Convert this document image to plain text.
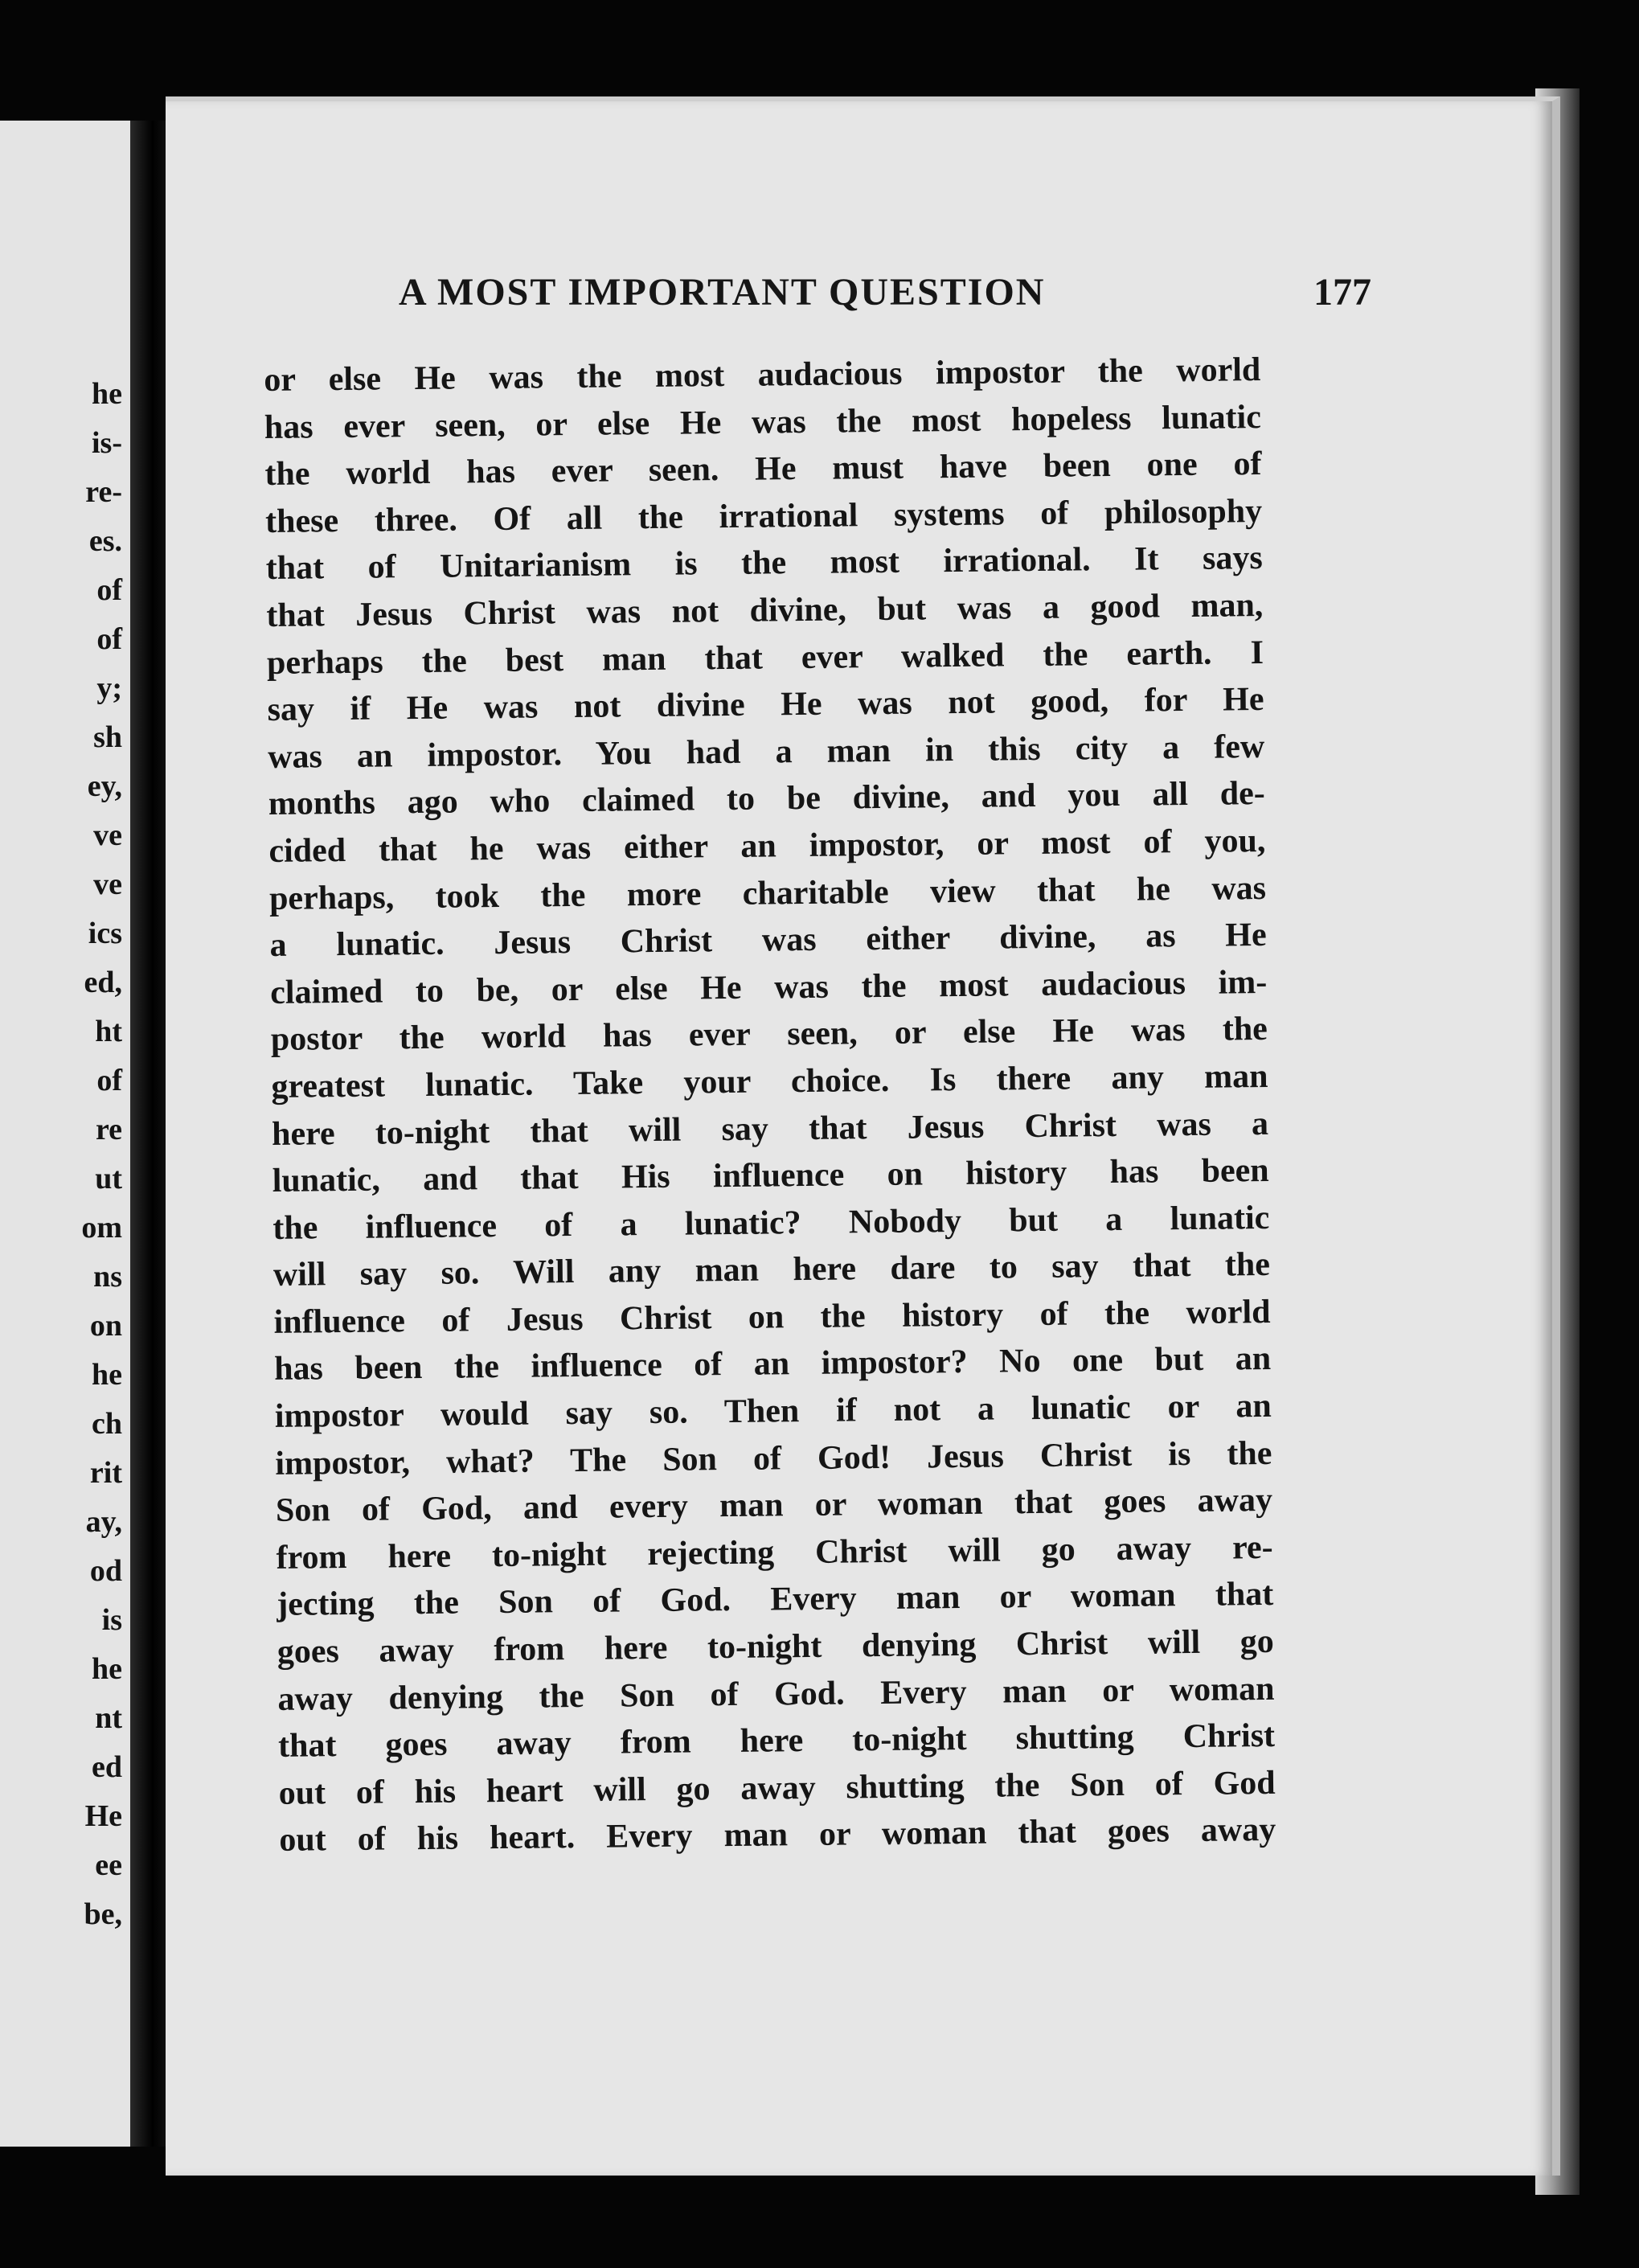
he
is-
re-
es.
of
of
y;
sh
ey,
ve
ve
ics
ed,
ht
of
re
ut
om
ns
on
he
ch
rit
ay,
od
is
he
nt
ed
He
ee
be,
A MOST IMPORTANT QUESTION	177
or else He was the most audacious impostor the world
has ever seen, or else He was the most hopeless lunatic
the world has ever seen. He must have been one of
these three. Of all the irrational systems of philosophy
that of Unitarianism is the most irrational. It says
that Jesus Christ was not divine, but was a good man,
perhaps the best man that ever walked the earth. I
say if He was not divine He was not good, for He
was an impostor. You had a man in this city a few
months ago who claimed to be divine, and you all de-
cided that he was either an impostor, or most of you,
perhaps, took the more charitable view that he was
a lunatic. Jesus Christ was either divine, as He
claimed to be, or else He was the most audacious im-
postor the world has ever seen, or else He was the
greatest lunatic. Take your choice. Is there any man
here to-night that will say that Jesus Christ was a
lunatic, and that His influence on history has been
the influence of a lunatic? Nobody but a lunatic
will say so. Will any man here dare to say that the
influence of Jesus Christ on the history of the world
has been the influence of an impostor? No one but an
impostor would say so. Then if not a lunatic or an
impostor, what? The Son of God! Jesus Christ is the
Son of God, and every man or woman that goes away
from here to-night rejecting Christ will go away re-
jecting the Son of God. Every man or woman that
goes away from here to-night denying Christ will go
away denying the Son of God. Every man or woman
that goes away from here to-night shutting Christ
out of his heart will go away shutting the Son of God
out of his heart. Every man or woman that goes away
